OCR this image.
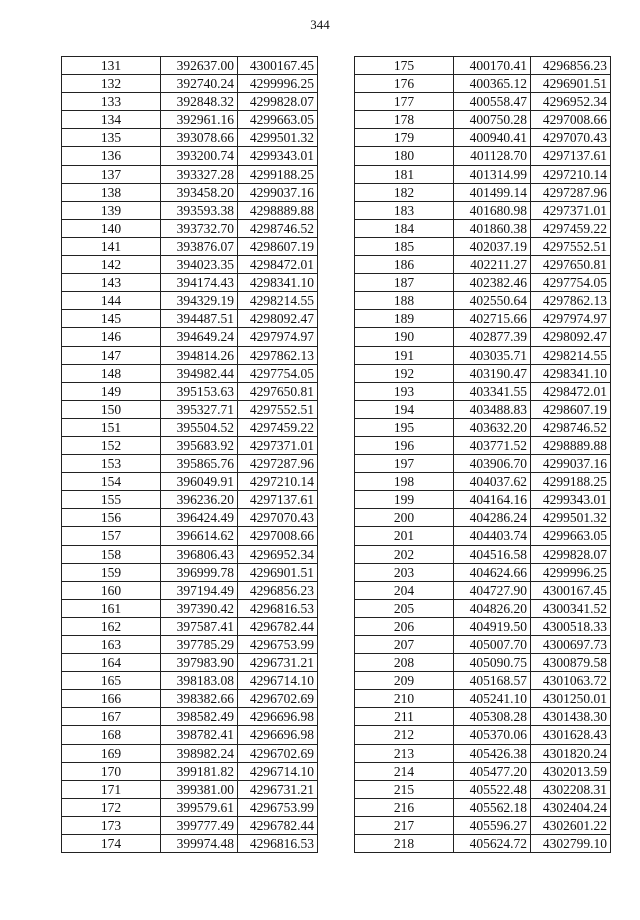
344
131	392637.00	4300167.45
132	392740.24	4299996.25
133	392848.32	4299828.07
134	392961.16	4299663.05
135	393078.66	4299501.32
136	393200.74	4299343.01
137	393327.28	4299188.25
138	393458.20	4299037.16
139	393593.38	4298889.88
140	393732.70	4298746.52
141	393876.07	4298607.19
142	394023.35	4298472.01
143	394174.43	4298341.10
144	394329.19	4298214.55
145	394487.51	4298092.47
146	394649.24	4297974.97
147	394814.26	4297862.13
148	394982.44	4297754.05
149	395153.63	4297650.81
150	395327.71	4297552.51
151	395504.52	4297459.22
152	395683.92	4297371.01
153	395865.76	4297287.96
154	396049.91	4297210.14
155	396236.20	4297137.61
156	396424.49	4297070.43
157	396614.62	4297008.66
158	396806.43	4296952.34
159	396999.78	4296901.51
160	397194.49	4296856.23
161	397390.42	4296816.53
162	397587.41	4296782.44
163	397785.29	4296753.99
164	397983.90	4296731.21
165	398183.08	4296714.10
166	398382.66	4296702.69
167	398582.49	4296696.98
168	398782.41	4296696.98
169	398982.24	4296702.69
170	399181.82	4296714.10
171	399381.00	4296731.21
172	399579.61	4296753.99
173	399777.49	4296782.44
174	399974.48	4296816.53
175	400170.41	4296856.23
176	400365.12	4296901.51
177	400558.47	4296952.34
178	400750.28	4297008.66
179	400940.41	4297070.43
180	401128.70	4297137.61
181	401314.99	4297210.14
182	401499.14	4297287.96
183	401680.98	4297371.01
184	401860.38	4297459.22
185	402037.19	4297552.51
186	402211.27	4297650.81
187	402382.46	4297754.05
188	402550.64	4297862.13
189	402715.66	4297974.97
190	402877.39	4298092.47
191	403035.71	4298214.55
192	403190.47	4298341.10
193	403341.55	4298472.01
194	403488.83	4298607.19
195	403632.20	4298746.52
196	403771.52	4298889.88
197	403906.70	4299037.16
198	404037.62	4299188.25
199	404164.16	4299343.01
200	404286.24	4299501.32
201	404403.74	4299663.05
202	404516.58	4299828.07
203	404624.66	4299996.25
204	404727.90	4300167.45
205	404826.20	4300341.52
206	404919.50	4300518.33
207	405007.70	4300697.73
208	405090.75	4300879.58
209	405168.57	4301063.72
210	405241.10	4301250.01
211	405308.28	4301438.30
212	405370.06	4301628.43
213	405426.38	4301820.24
214	405477.20	4302013.59
215	405522.48	4302208.31
216	405562.18	4302404.24
217	405596.27	4302601.22
218	405624.72	4302799.10
